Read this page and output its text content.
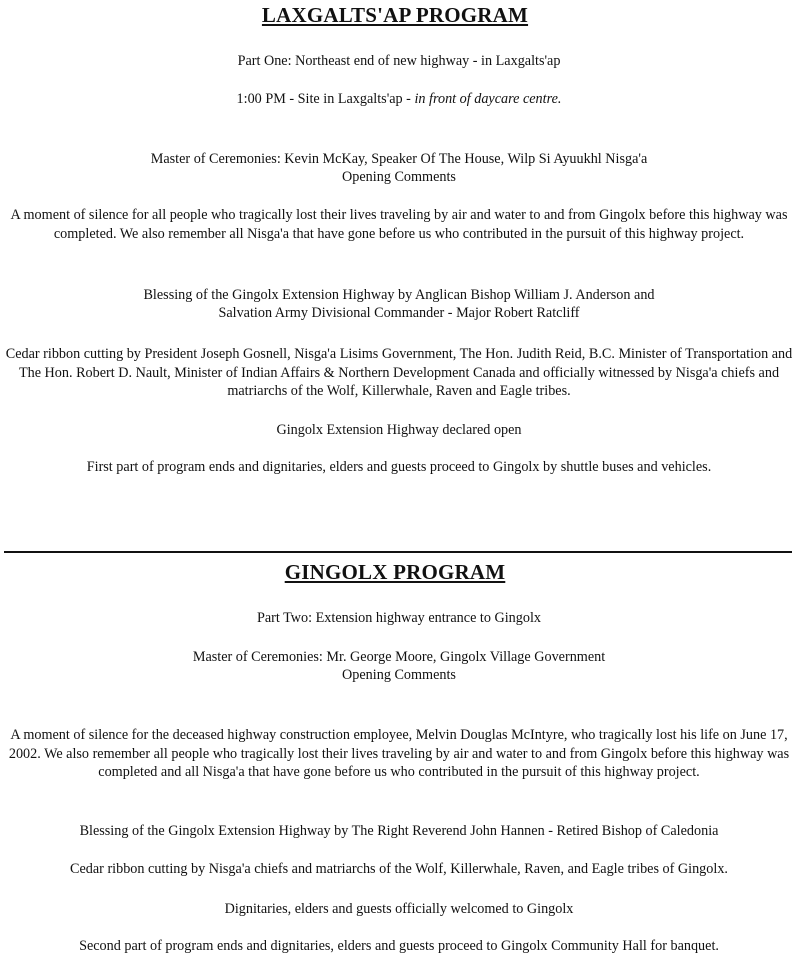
LAXGALTS'AP PROGRAM
Part One: Northeast end of new highway - in Laxgalts'ap
1:00 PM - Site in Laxgalts'ap - in front of daycare centre.
Master of Ceremonies: Kevin McKay, Speaker Of The House, Wilp Si Ayuukhl Nisga'a
Opening Comments
A moment of silence for all people who tragically lost their lives traveling by air and water to and from Gingolx before this highway was completed. We also remember all Nisga'a that have gone before us who contributed in the pursuit of this highway project.
Blessing of the Gingolx Extension Highway by Anglican Bishop William J. Anderson and
Salvation Army Divisional Commander - Major Robert Ratcliff
Cedar ribbon cutting by President Joseph Gosnell, Nisga'a Lisims Government, The Hon. Judith Reid, B.C. Minister of Transportation and The Hon. Robert D. Nault, Minister of Indian Affairs & Northern Development Canada and officially witnessed by Nisga'a chiefs and matriarchs of the Wolf, Killerwhale, Raven and Eagle tribes.
Gingolx Extension Highway declared open
First part of program ends and dignitaries, elders and guests proceed to Gingolx by shuttle buses and vehicles.
GINGOLX PROGRAM
Part Two: Extension highway entrance to Gingolx
Master of Ceremonies: Mr. George Moore, Gingolx Village Government
Opening Comments
A moment of silence for the deceased highway construction employee, Melvin Douglas McIntyre, who tragically lost his life on June 17, 2002. We also remember all people who tragically lost their lives traveling by air and water to and from Gingolx before this highway was completed and all Nisga'a that have gone before us who contributed in the pursuit of this highway project.
Blessing of the Gingolx Extension Highway by The Right Reverend John Hannen - Retired Bishop of Caledonia
Cedar ribbon cutting by Nisga'a chiefs and matriarchs of the Wolf, Killerwhale, Raven, and Eagle tribes of Gingolx.
Dignitaries, elders and guests officially welcomed to Gingolx
Second part of program ends and dignitaries, elders and guests proceed to Gingolx Community Hall for banquet.
